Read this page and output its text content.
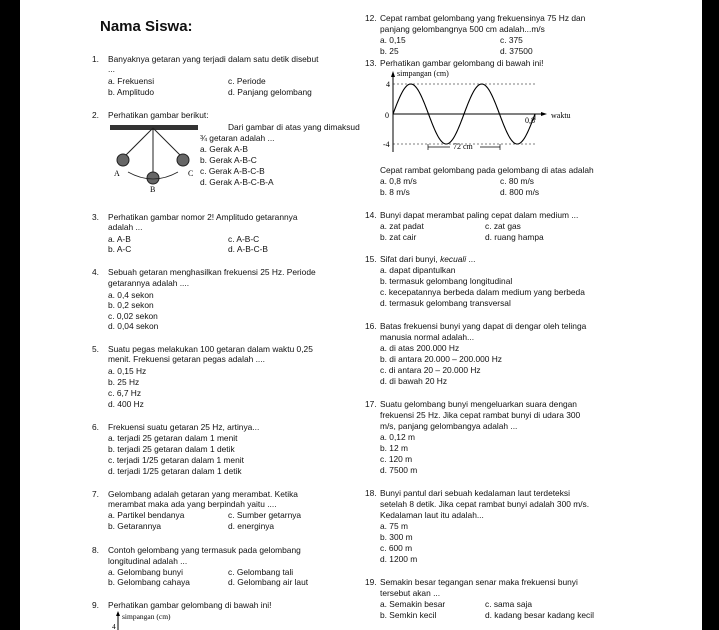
Nama Siswa:
1. Banyaknya getaran yang terjadi dalam satu detik disebut
...
a. Frekuensi
b. Amplitudo
c. Periode
d. Panjang gelombang
2. Perhatikan gambar berikut:
A
B
C
Dari gambar di atas yang dimaksud
¾ getaran adalah ...
a. Gerak A-B
b. Gerak A-B-C
c. Gerak A-B-C-B
d. Gerak A-B-C-B-A
3. Perhatikan gambar nomor 2! Amplitudo getarannya
adalah ...
a. A-B
b. A-C
c. A-B-C
d. A-B-C-B
4. Sebuah getaran menghasilkan frekuensi 25 Hz. Periode
getarannya adalah ....
a. 0,4 sekon
b. 0,2 sekon
c. 0,02 sekon
d. 0,04 sekon
5. Suatu pegas melakukan 100 getaran dalam waktu 0,25
menit. Frekuensi getaran pegas adalah ....
a. 0,15 Hz
b. 25 Hz
c. 6,7 Hz
d. 400 Hz
6. Frekuensi suatu getaran 25 Hz, artinya...
a. terjadi 25 getaran dalam 1 menit
b. terjadi 25 getaran dalam 1 detik
c. terjadi 1/25 getaran dalam 1 menit
d. terjadi 1/25 getaran dalam 1 detik
7. Gelombang adalah getaran yang merambat. Ketika
merambat maka ada yang berpindah yaitu ....
a. Partikel bendanya
b. Getarannya
c. Sumber getarnya
d. energinya
8. Contoh gelombang yang termasuk pada gelombang
longitudinal adalah ...
a. Gelombang bunyi
b. Gelombang cahaya
c. Gelombang tali
d. Gelombang air laut
9. Perhatikan gambar gelombang di bawah ini!
simpangan (cm)
4
12. Cepat rambat gelombang yang frekuensinya 75 Hz dan
panjang gelombangnya 500 cm adalah...m/s
a. 0,15
b. 25
c. 375
d. 37500
13. Perhatikan gambar gelombang di bawah ini!
simpangan (cm)
waktu
4
-4
0
0,8
72 cm
Cepat rambat gelombang pada gelombang di atas adalah
a. 0,8 m/s
b. 8 m/s
c. 80 m/s
d. 800 m/s
14. Bunyi dapat merambat paling cepat dalam medium ...
a. zat padat
b. zat cair
c. zat gas
d. ruang hampa
15. Sifat dari bunyi, kecuali ...
a. dapat dipantulkan
b. termasuk gelombang longitudinal
c. kecepatannya berbeda dalam medium yang berbeda
d. termasuk gelombang transversal
16. Batas frekuensi bunyi yang dapat di dengar oleh telinga
manusia normal adalah...
a. di atas 200.000 Hz
b. di antara 20.000 – 200.000 Hz
c. di antara 20 – 20.000 Hz
d. di bawah 20 Hz
17. Suatu gelombang bunyi mengeluarkan suara dengan
frekuensi 25 Hz. Jika cepat rambat bunyi di udara 300
m/s, panjang gelombangya adalah ...
a. 0,12 m
b. 12 m
c. 120 m
d. 7500 m
18. Bunyi pantul dari sebuah kedalaman laut terdeteksi
setelah 8 detik. Jika cepat rambat bunyi adalah 300 m/s.
Kedalaman laut itu adalah...
a. 75 m
b. 300 m
c. 600 m
d. 1200 m
19. Semakin besar tegangan senar maka frekuensi bunyi
tersebut akan ...
a. Semakin besar
b. Semkin kecil
c. sama saja
d. kadang besar kadang kecil
